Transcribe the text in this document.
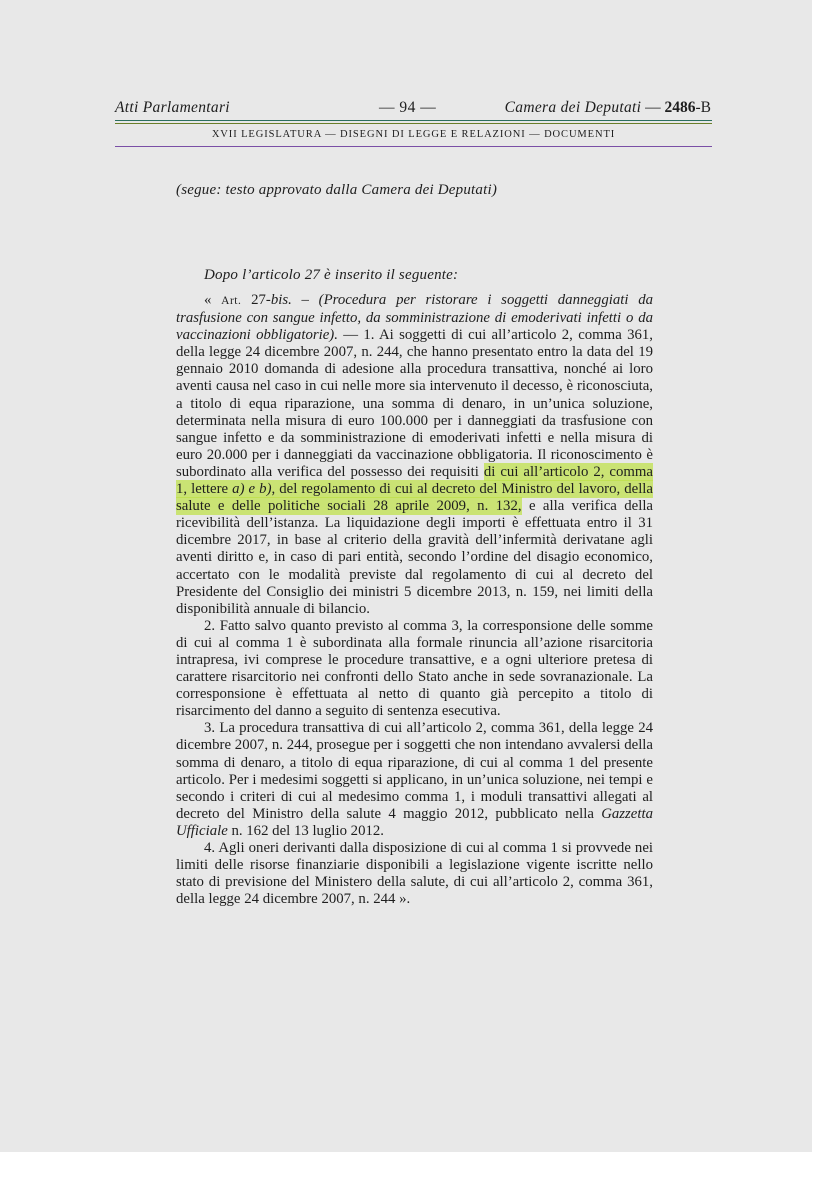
Atti Parlamentari	— 94 —	Camera dei Deputati — 2486-B
XVII LEGISLATURA — DISEGNI DI LEGGE E RELAZIONI — DOCUMENTI
(segue: testo approvato dalla Camera dei Deputati)
Dopo l’articolo 27 è inserito il seguente:

« Art. 27-bis. – (Procedura per ristorare i soggetti danneggiati da trasfusione con sangue infetto, da somministrazione di emoderivati infetti o da vaccinazioni obbligatorie). — 1. Ai soggetti di cui all’articolo 2, comma 361, della legge 24 dicembre 2007, n. 244, che hanno presentato entro la data del 19 gennaio 2010 domanda di adesione alla procedura transattiva, nonché ai loro aventi causa nel caso in cui nelle more sia intervenuto il decesso, è riconosciuta, a titolo di equa riparazione, una somma di denaro, in un’unica soluzione, determinata nella misura di euro 100.000 per i danneggiati da trasfusione con sangue infetto e da somministrazione di emoderivati infetti e nella misura di euro 20.000 per i danneggiati da vaccinazione obbligatoria. Il riconoscimento è subordinato alla verifica del possesso dei requisiti di cui all’articolo 2, comma 1, lettere a) e b), del regolamento di cui al decreto del Ministro del lavoro, della salute e delle politiche sociali 28 aprile 2009, n. 132, e alla verifica della ricevibilità dell’istanza. La liquidazione degli importi è effettuata entro il 31 dicembre 2017, in base al criterio della gravità dell’infermità derivatane agli aventi diritto e, in caso di pari entità, secondo l’ordine del disagio economico, accertato con le modalità previste dal regolamento di cui al decreto del Presidente del Consiglio dei ministri 5 dicembre 2013, n. 159, nei limiti della disponibilità annuale di bilancio.

2. Fatto salvo quanto previsto al comma 3, la corresponsione delle somme di cui al comma 1 è subordinata alla formale rinuncia all’azione risarcitoria intrapresa, ivi comprese le procedure transattive, e a ogni ulteriore pretesa di carattere risarcitorio nei confronti dello Stato anche in sede sovranazionale. La corresponsione è effettuata al netto di quanto già percepito a titolo di risarcimento del danno a seguito di sentenza esecutiva.

3. La procedura transattiva di cui all’articolo 2, comma 361, della legge 24 dicembre 2007, n. 244, prosegue per i soggetti che non intendano avvalersi della somma di denaro, a titolo di equa riparazione, di cui al comma 1 del presente articolo. Per i medesimi soggetti si applicano, in un’unica soluzione, nei tempi e secondo i criteri di cui al medesimo comma 1, i moduli transattivi allegati al decreto del Ministro della salute 4 maggio 2012, pubblicato nella Gazzetta Ufficiale n. 162 del 13 luglio 2012.

4. Agli oneri derivanti dalla disposizione di cui al comma 1 si provvede nei limiti delle risorse finanziarie disponibili a legislazione vigente iscritte nello stato di previsione del Ministero della salute, di cui all’articolo 2, comma 361, della legge 24 dicembre 2007, n. 244 ».
